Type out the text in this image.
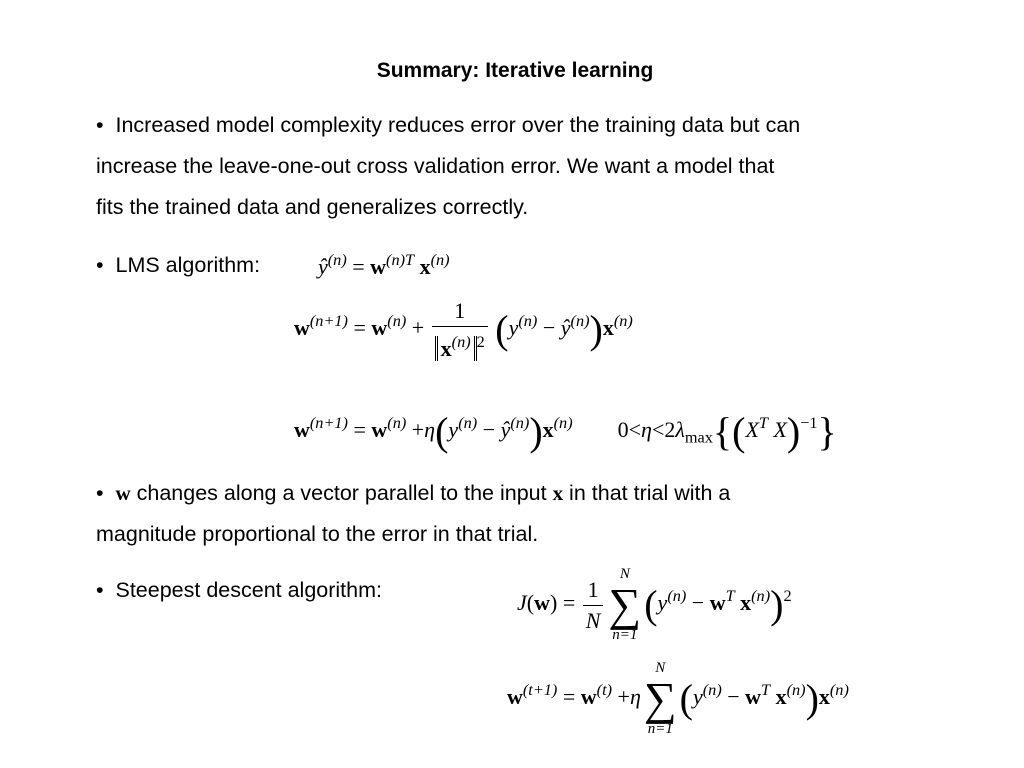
Summary: Iterative learning
• Increased model complexity reduces error over the training data but can
increase the leave-one-out cross validation error. We want a model that
fits the trained data and generalizes correctly.
• LMS algorithm:	$ŷ^{(n)} = w^{(n)T}$ $x^{(n)}$
$w^{(n+1)} = w^{(n)} + \frac{1}{x^{(n)} ^2} (y^{(n)}$ − $ŷ^{(n)})x^{(n)}$
$w^{(n+1)} = w^{(n)} +\eta(y^{(n)}$ − $ŷ^{(n)})x^{(n)}$ $0<\eta<2\lambda_{max}\{(X^T$ X)$^{-1}$}
• w changes along a vector parallel to the input x in that trial with a
magnitude proportional to the error in that trial.
• Steepest descent algorithm:
$J(w) = \frac{1}{N}$
N
∑
n=1
($y^{(n)} - w^T$ $x^{(n)})^2$
$w^{(t+1)} = w^{(t)} +\eta$
N
∑
n=1
($y^{(n)} - w^T$ $x^{(n)})x^{(n)}$
